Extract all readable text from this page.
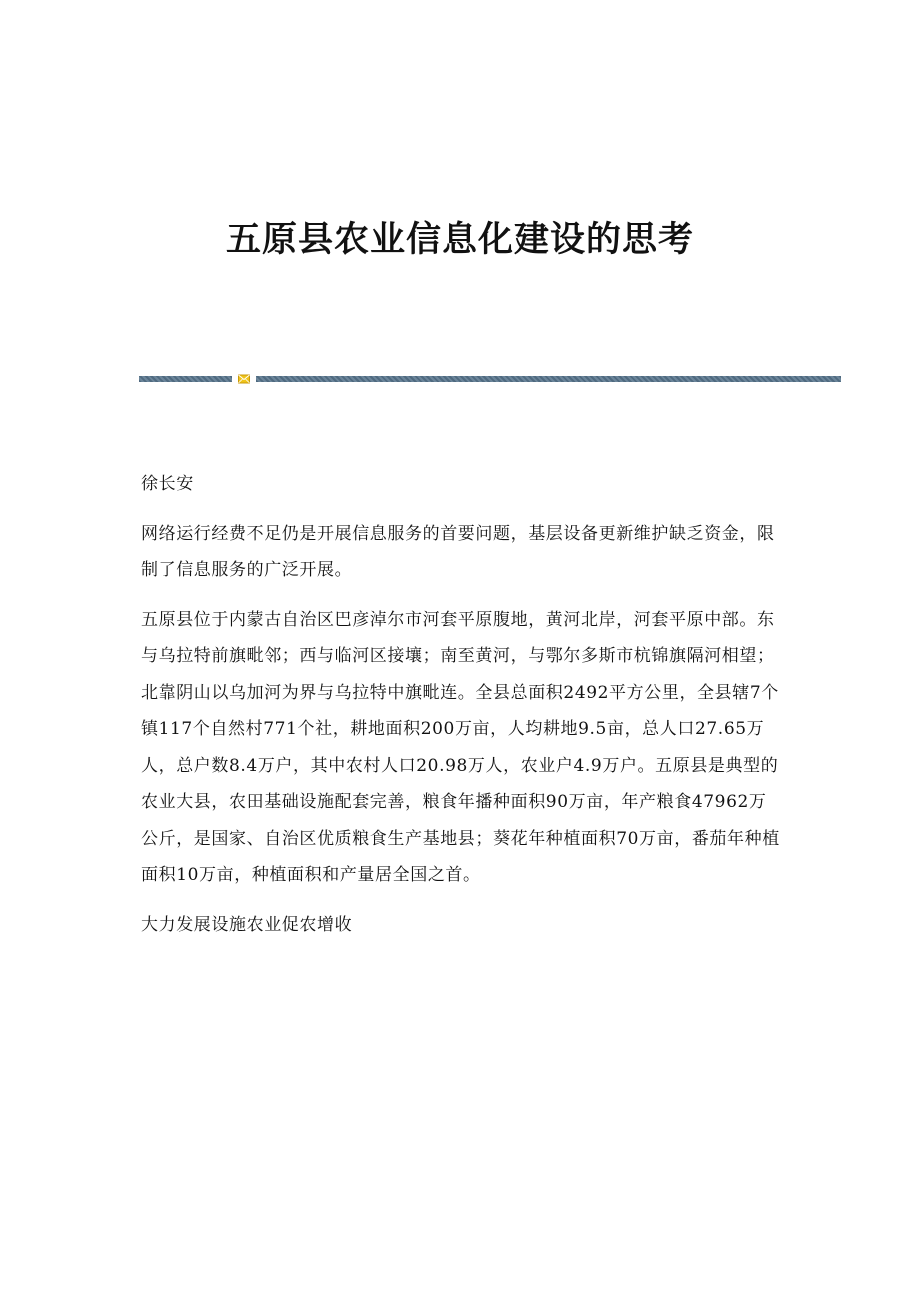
五原县农业信息化建设的思考

徐长安

网络运行经费不足仍是开展信息服务的首要问题，基层设备更新维护缺乏资金，限制了信息服务的广泛开展。

五原县位于内蒙古自治区巴彦淖尔市河套平原腹地，黄河北岸，河套平原中部。东与乌拉特前旗毗邻；西与临河区接壤；南至黄河，与鄂尔多斯市杭锦旗隔河相望；北靠阴山以乌加河为界与乌拉特中旗毗连。全县总面积2492平方公里，全县辖7个镇117个自然村771个社，耕地面积200万亩，人均耕地9.5亩，总人口27.65万人，总户数8.4万户，其中农村人口20.98万人，农业户4.9万户。五原县是典型的农业大县，农田基础设施配套完善，粮食年播种面积90万亩，年产粮食47962万公斤，是国家、自治区优质粮食生产基地县；葵花年种植面积70万亩，番茄年种植面积10万亩，种植面积和产量居全国之首。

大力发展设施农业促农增收
